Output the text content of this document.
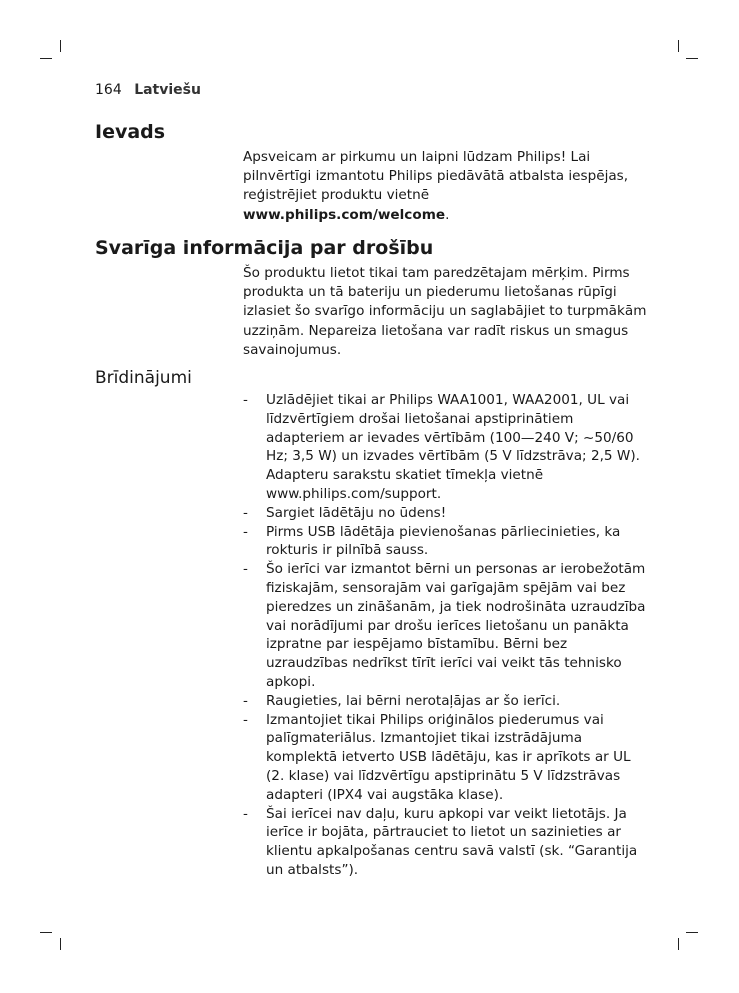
164 Latviešu
Ievads

Apsveicam ar pirkumu un laipni lūdzam Philips! Lai pilnvērtīgi izmantotu Philips piedāvātā atbalsta iespējas, reģistrējiet produktu vietnē
www.philips.com/welcome.

Svarīga informācija par drošību

Šo produktu lietot tikai tam paredzētajam mērķim. Pirms produkta un tā bateriju un piederumu lietošanas rūpīgi izlasiet šo svarīgo informāciju un saglabājiet to turpmākām uzziņām. Nepareiza lietošana var radīt riskus un smagus savainojumus.

Brīdinājumi
- Uzlādējiet tikai ar Philips WAA1001, WAA2001, UL vai līdzvērtīgiem drošai lietošanai apstiprinātiem adapteriem ar ievades vērtībām (100—240 V; ~50/60 Hz; 3,5 W) un izvades vērtībām (5 V līdzstrāva; 2,5 W). Adapteru sarakstu skatiet tīmekļa vietnē www.philips.com/support.
- Sargiet lādētāju no ūdens!
- Pirms USB lādētāja pievienošanas pārliecinieties, ka rokturis ir pilnībā sauss.
- Šo ierīci var izmantot bērni un personas ar ierobežotām fiziskajām, sensorajām vai garīgajām spējām vai bez pieredzes un zināšanām, ja tiek nodrošināta uzraudzība vai norādījumi par drošu ierīces lietošanu un panākta izpratne par iespējamo bīstamību. Bērni bez uzraudzības nedrīkst tīrīt ierīci vai veikt tās tehnisko apkopi.
- Raugieties, lai bērni nerotaļājas ar šo ierīci.
- Izmantojiet tikai Philips oriģinālos piederumus vai palīgmateriālus. Izmantojiet tikai izstrādājuma komplektā ietverto USB lādētāju, kas ir aprīkots ar UL (2. klase) vai līdzvērtīgu apstiprinātu 5 V līdzstrāvas adapteri (IPX4 vai augstāka klase).
- Šai ierīcei nav daļu, kuru apkopi var veikt lietotājs. Ja ierīce ir bojāta, pārtrauciet to lietot un sazinieties ar klientu apkalpošanas centru savā valstī (sk. “Garantija un atbalsts”).
